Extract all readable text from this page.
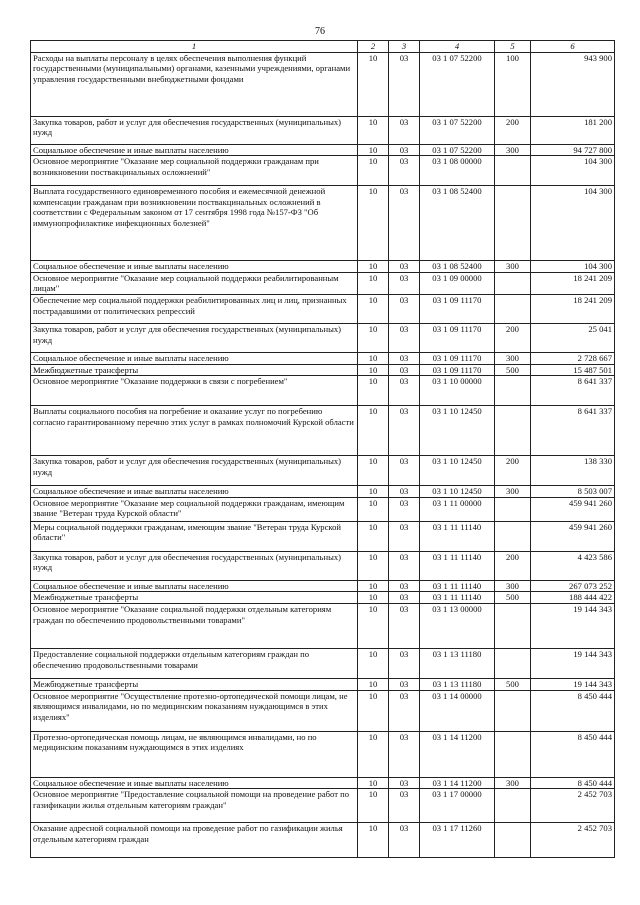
76
1	2	3	4	5	6
Расходы на выплаты персоналу в целях обеспечения выполнения функций государственными (муниципальными) органами, казенными учреждениями, органами управления государственными внебюджетными фондами	10	03	03 1 07 52200	100	943 900
Закупка товаров, работ и услуг для обеспечения государственных (муниципальных) нужд	10	03	03 1 07 52200	200	181 200
Социальное обеспечение и иные выплаты населению	10	03	03 1 07 52200	300	94 727 800
Основное мероприятие "Оказание мер социальной поддержки гражданам при возникновении поствакцинальных осложнений"	10	03	03 1 08 00000		104 300
Выплата государственного единовременного пособия и ежемесячной денежной компенсации гражданам при возникновении поствакцинальных осложнений в соответствии с Федеральным законом от 17 сентября 1998 года №157-ФЗ "Об иммунопрофилактике инфекционных болезней"	10	03	03 1 08 52400		104 300
Социальное обеспечение и иные выплаты населению	10	03	03 1 08 52400	300	104 300
Основное мероприятие "Оказание мер социальной поддержки реабилитированным лицам"	10	03	03 1 09 00000		18 241 209
Обеспечение мер социальной поддержки реабилитированных лиц и лиц, признанных пострадавшими от политических репрессий	10	03	03 1 09 11170		18 241 209
Закупка товаров, работ и услуг для обеспечения государственных (муниципальных) нужд	10	03	03 1 09 11170	200	25 041
Социальное обеспечение и иные выплаты населению	10	03	03 1 09 11170	300	2 728 667
Межбюджетные трансферты	10	03	03 1 09 11170	500	15 487 501
Основное мероприятие "Оказание поддержки в связи с погребением"	10	03	03 1 10 00000		8 641 337
Выплаты социального пособия на погребение и оказание услуг по погребению согласно гарантированному перечню этих услуг в рамках полномочий Курской области	10	03	03 1 10 12450		8 641 337
Закупка товаров, работ и услуг для обеспечения государственных (муниципальных) нужд	10	03	03 1 10 12450	200	138 330
Социальное обеспечение и иные выплаты населению	10	03	03 1 10 12450	300	8 503 007
Основное мероприятие "Оказание мер социальной поддержки гражданам, имеющим звание "Ветеран труда Курской области"	10	03	03 1 11 00000		459 941 260
Меры социальной поддержки гражданам, имеющим звание "Ветеран труда Курской области"	10	03	03 1 11 11140		459 941 260
Закупка товаров, работ и услуг для обеспечения государственных (муниципальных) нужд	10	03	03 1 11 11140	200	4 423 586
Социальное обеспечение и иные выплаты населению	10	03	03 1 11 11140	300	267 073 252
Межбюджетные трансферты	10	03	03 1 11 11140	500	188 444 422
Основное мероприятие "Оказание социальной поддержки отдельным категориям граждан по обеспечению продовольственными товарами"	10	03	03 1 13 00000		19 144 343
Предоставление социальной поддержки отдельным категориям граждан по обеспечению продовольственными товарами	10	03	03 1 13 11180		19 144 343
Межбюджетные трансферты	10	03	03 1 13 11180	500	19 144 343
Основное мероприятие "Осуществление протезно-ортопедической помощи лицам, не являющимся инвалидами, но по медицинским показаниям нуждающимся в этих изделиях"	10	03	03 1 14 00000		8 450 444
Протезно-ортопедическая помощь лицам, не являющимся инвалидами, но по медицинским показаниям нуждающимся в этих изделиях	10	03	03 1 14 11200		8 450 444
Социальное обеспечение и иные выплаты населению	10	03	03 1 14 11200	300	8 450 444
Основное мероприятие "Предоставление социальной помощи на проведение работ по газификации жилья отдельным категориям граждан"	10	03	03 1 17 00000		2 452 703
Оказание адресной социальной помощи на проведение работ по газификации жилья отдельным категориям граждан	10	03	03 1 17 11260		2 452 703
